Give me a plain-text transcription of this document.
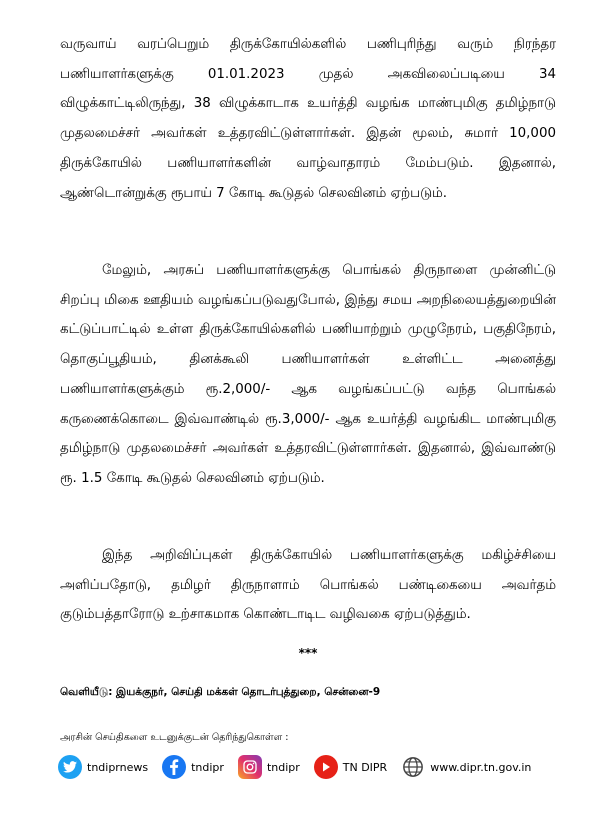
வருவாய் வரப்பெறும் திருக்கோயில்களில் பணிபுரிந்து வரும் நிரந்தர பணியாளர்களுக்கு 01.01.2023 முதல் அகவிலைப்படியை 34 விழுக்காட்டிலிருந்து, 38 விழுக்காடாக உயர்த்தி வழங்க மாண்புமிகு தமிழ்நாடு முதலமைச்சர் அவர்கள் உத்தரவிட்டுள்ளார்கள். இதன் மூலம், சுமார் 10,000 திருக்கோயில் பணியாளர்களின் வாழ்வாதாரம் மேம்படும். இதனால், ஆண்டொன்றுக்கு ரூபாய் 7 கோடி கூடுதல் செலவினம் ஏற்படும்.

மேலும், அரசுப் பணியாளர்களுக்கு பொங்கல் திருநாளை முன்னிட்டு சிறப்பு மிகை ஊதியம் வழங்கப்படுவதுபோல், இந்து சமய அறநிலையத்துறையின் கட்டுப்பாட்டில் உள்ள திருக்கோயில்களில் பணியாற்றும் முழுநேரம், பகுதிநேரம், தொகுப்பூதியம், தினக்கூலி பணியாளர்கள் உள்ளிட்ட அனைத்து பணியாளர்களுக்கும் ரூ.2,000/- ஆக வழங்கப்பட்டு வந்த பொங்கல் கருணைக்கொடை இவ்வாண்டில் ரூ.3,000/- ஆக உயர்த்தி வழங்கிட மாண்புமிகு தமிழ்நாடு முதலமைச்சர் அவர்கள் உத்தரவிட்டுள்ளார்கள். இதனால், இவ்வாண்டு ரூ. 1.5 கோடி கூடுதல் செலவினம் ஏற்படும்.

இந்த அறிவிப்புகள் திருக்கோயில் பணியாளர்களுக்கு மகிழ்ச்சியை அளிப்பதோடு, தமிழர் திருநாளாம் பொங்கல் பண்டிகையை அவர்தம் குடும்பத்தாரோடு உற்சாகமாக கொண்டாடிட வழிவகை ஏற்படுத்தும்.

***
வெளியீடு: இயக்குநர், செய்தி மக்கள் தொடர்புத்துறை, சென்னை-9
அரசின் செய்திகளை உடனுக்குடன் தெரிந்துகொள்ள :
tndiprnews	tndipr	tndipr	TN DIPR	www.dipr.tn.gov.in
